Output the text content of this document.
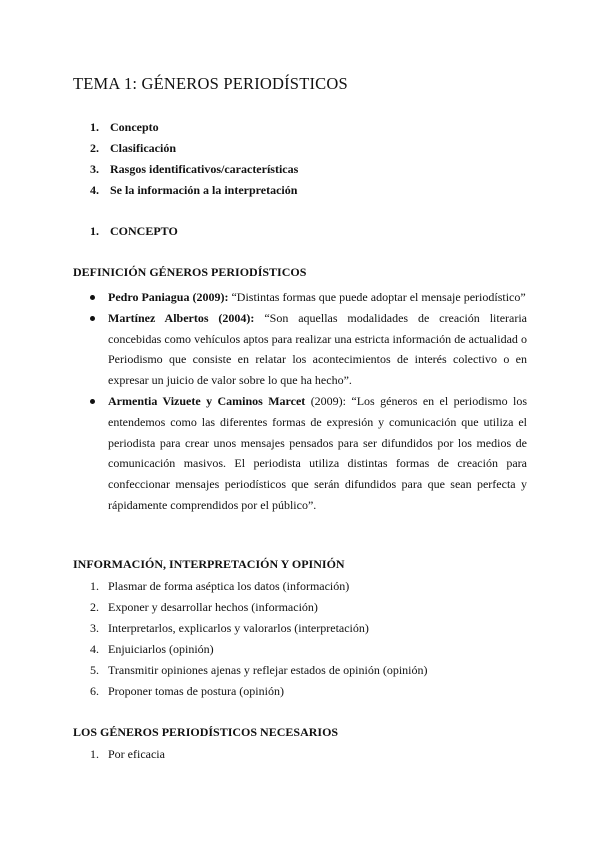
TEMA 1: GÉNEROS PERIODÍSTICOS
1. Concepto
2. Clasificación
3. Rasgos identificativos/características
4. Se la información a la interpretación
1. CONCEPTO
DEFINICIÓN GÉNEROS PERIODÍSTICOS
Pedro Paniagua (2009): “Distintas formas que puede adoptar el mensaje periodístico”
Martínez Albertos (2004): “Son aquellas modalidades de creación literaria concebidas como vehículos aptos para realizar una estricta información de actualidad o Periodismo que consiste en relatar los acontecimientos de interés colectivo o en expresar un juicio de valor sobre lo que ha hecho”.
Armentia Vizuete y Caminos Marcet (2009): “Los géneros en el periodismo los entendemos como las diferentes formas de expresión y comunicación que utiliza el periodista para crear unos mensajes pensados para ser difundidos por los medios de comunicación masivos. El periodista utiliza distintas formas de creación para confeccionar mensajes periodísticos que serán difundidos para que sean perfecta y rápidamente comprendidos por el público”.
INFORMACIÓN, INTERPRETACIÓN Y OPINIÓN
1. Plasmar de forma aséptica los datos (información)
2. Exponer y desarrollar hechos (información)
3. Interpretarlos, explicarlos y valorarlos (interpretación)
4. Enjuiciarlos (opinión)
5. Transmitir opiniones ajenas y reflejar estados de opinión (opinión)
6. Proponer tomas de postura (opinión)
LOS GÉNEROS PERIODÍSTICOS NECESARIOS
1. Por eficacia
